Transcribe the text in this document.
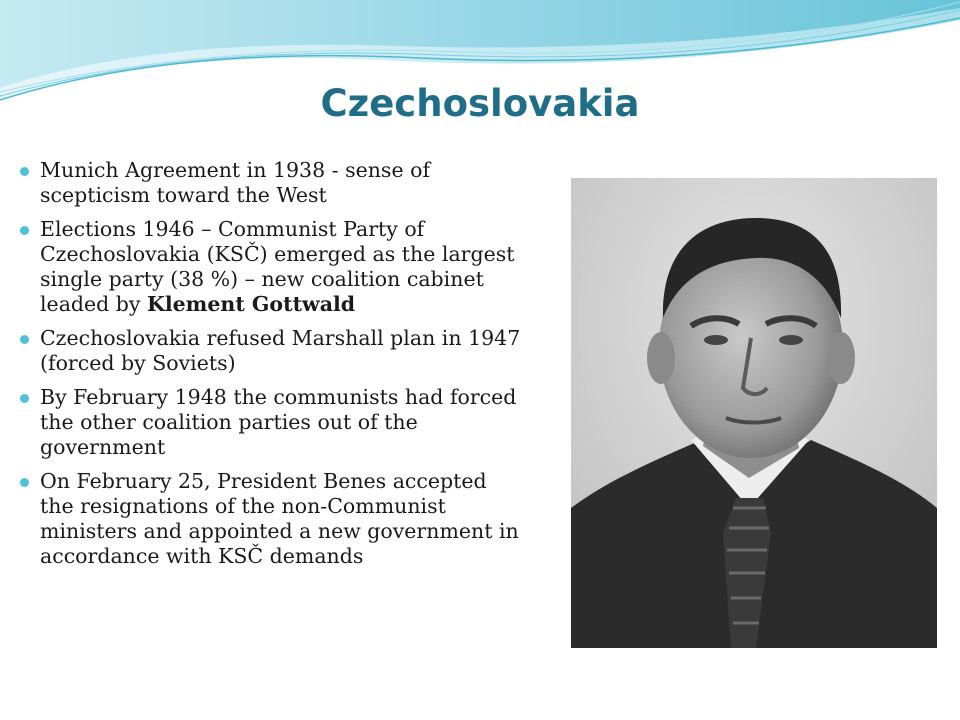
Czechoslovakia
Munich Agreement in 1938 - sense of scepticism toward the West
Elections 1946 – Communist Party of Czechoslovakia (KSČ) emerged as the largest single party (38 %) – new coalition cabinet leaded by Klement Gottwald
Czechoslovakia refused Marshall plan in 1947 (forced by Soviets)
By February 1948 the communists had forced the other coalition parties out of the government
On February 25, President Benes accepted the resignations of the non-Communist ministers and appointed a new government in accordance with KSČ demands
